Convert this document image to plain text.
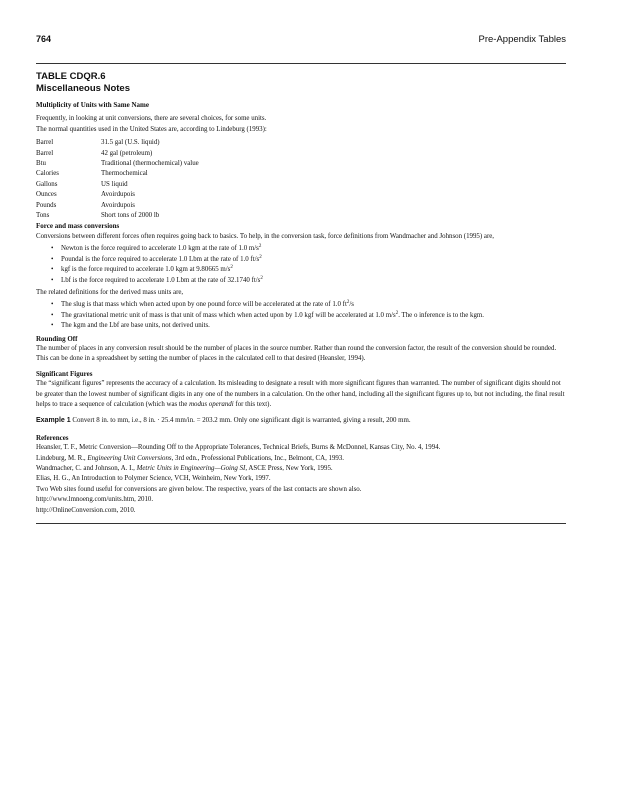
764	Pre-Appendix Tables
TABLE CDQR.6
Miscellaneous Notes
Multiplicity of Units with Same Name

Frequently, in looking at unit conversions, there are several choices, for some units.

The normal quantities used in the United States are, according to Lindeburg (1993):

Barrel	31.5 gal (U.S. liquid)
Barrel	42 gal (petroleum)
Btu	Traditional (thermochemical) value
Calories	Thermochemical
Gallons	US liquid
Ounces	Avoirdupois
Pounds	Avoirdupois
Tons	Short tons of 2000 lb
Force and mass conversions

Conversions between different forces often requires going back to basics. To help, in the conversion task, force definitions from Wandmacher and Johnson (1995) are,

• Newton is the force required to accelerate 1.0 kgm at the rate of 1.0 $m/s^2$
• Poundal is the force required to accelerate 1.0 Lbm at the rate of 1.0 $ft/s^2$
• kgf is the force required to accelerate 1.0 kgm at 9.80665 $m/s^2$
• Lbf is the force required to accelerate 1.0 Lbm at the rate of 32.1740 $ft/s^2$

The related definitions for the derived mass units are,

• The slug is that mass which when acted upon by one pound force will be accelerated at the rate of 1.0 $ft^2/s$
• The gravitational metric unit of mass is that unit of mass which when acted upon by 1.0 kgf will be accelerated at 1.0 $m/s^2$. The o inference is to the kgm.
• The kgm and the Lbf are base units, not derived units.
Rounding Off

The number of places in any conversion result should be the number of places in the source number. Rather than round the conversion factor, the result of the conversion should be rounded. This can be done in a spreadsheet by setting the number of places in the calculated cell to that desired (Heansler, 1994).

Significant Figures

The “significant figures” represents the accuracy of a calculation. Its misleading to designate a result with more significant figures than warranted. The number of significant digits should not be greater than the lowest number of significant digits in any one of the numbers in a calculation. On the other hand, including all the significant figures up to, but not including, the final result helps to trace a sequence of calculation (which was the modus operandi for this text).

Example 1 Convert 8 in. to mm, i.e., 8 in. · 25.4 mm/in. = 203.2 mm. Only one significant digit is warranted, giving a result, 200 mm.

References

Heansler, T. F., Metric Conversion—Rounding Off to the Appropriate Tolerances, Technical Briefs, Burns & McDonnel, Kansas City, No. 4, 1994.

Lindeburg, M. R., Engineering Unit Conversions, 3rd edn., Professional Publications, Inc., Belmont, CA, 1993.

Wandmacher, C. and Johnson, A. I., Metric Units in Engineering—Going SI, ASCE Press, New York, 1995.

Elias, H. G., An Introduction to Polymer Science, VCH, Weinheim, New York, 1997.

Two Web sites found useful for conversions are given below. The respective, years of the last contacts are shown also.

http://www.lmnoeng.com/units.htm, 2010.

http://OnlineConversion.com, 2010.
